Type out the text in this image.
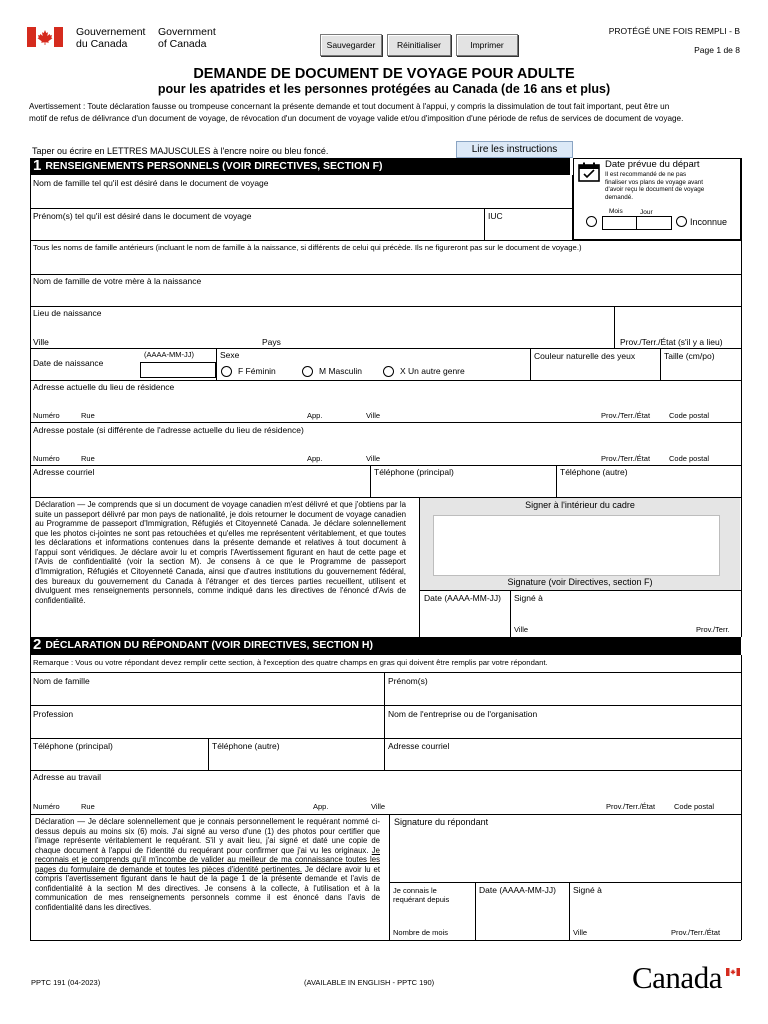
Gouvernement
du Canada
Government
of Canada	Sauvegarder	Réinitialiser	Imprimer
PROTÉGÉ UNE FOIS REMPLI - B
Page 1 de 8
DEMANDE DE DOCUMENT DE VOYAGE POUR ADULTE
pour les apatrides et les personnes protégées au Canada (de 16 ans et plus)
Avertissement : Toute déclaration fausse ou trompeuse concernant la présente demande et tout document à l'appui, y compris la dissimulation de tout fait important, peut être un
motif de refus de délivrance d'un document de voyage, de révocation d'un document de voyage valide et/ou d'imposition d'une période de refus de services de document de voyage.
Taper ou écrire en LETTRES MAJUSCULES à l'encre noire ou bleu foncé.	Lire les instructions
1 RENSEIGNEMENTS PERSONNELS (VOIR DIRECTIVES, SECTION F)	Date prévue du départ
Il est recommandé de ne pas
finaliser vos plans de voyage avant
d'avoir reçu le document de voyage
demandé.
Mois	Jour
Inconnue
Nom de famille tel qu'il est désiré dans le document de voyage
Prénom(s) tel qu'il est désiré dans le document de voyage	IUC
Tous les noms de famille antérieurs (incluant le nom de famille à la naissance, si différents de celui qui précède. Ils ne figureront pas sur le document de voyage.)
Nom de famille de votre mère à la naissance
Lieu de naissance
Ville	Pays	Prov./Terr./État (s'il y a lieu)
Date de naissance
(AAAA-MM-JJ)	Sexe
F Féminin	M Masculin	X Un autre genre
Couleur naturelle des yeux	Taille (cm/po)
Adresse actuelle du lieu de résidence
Numéro	Rue	App.	Ville	Prov./Terr./État	Code postal
Adresse postale (si différente de l'adresse actuelle du lieu de résidence)
Numéro	Rue	App.	Ville	Prov./Terr./État	Code postal
Adresse courriel	Téléphone (principal)	Téléphone (autre)
Déclaration — Je comprends que si un document de voyage canadien m'est délivré et que j'obtiens par la suite un passeport délivré par mon pays de nationalité, je dois retourner le document de voyage canadien au Programme de passeport d'Immigration, Réfugiés et Citoyenneté Canada. Je déclare solennellement que les photos ci-jointes ne sont pas retouchées et qu'elles me représentent véritablement, et que toutes les déclarations et informations contenues dans la présente demande et relatives à tout document à l'appui sont véridiques. Je déclare avoir lu et compris l'Avertissement figurant en haut de cette page et l'Avis de confidentialité (voir la section M). Je consens à ce que le Programme de passeport d'Immigration, Réfugiés et Citoyenneté Canada, ainsi que d'autres institutions du gouvernement fédéral, des bureaux du gouvernement du Canada à l'étranger et des tierces parties recueillent, utilisent et divulguent mes renseignements personnels, comme indiqué dans les directives de l'énoncé d'Avis de confidentialité.
Signer à l'intérieur du cadre
Signature (voir Directives, section F)
Date (AAAA-MM-JJ) Signé à
Ville	Prov./Terr.
2 DÉCLARATION DU RÉPONDANT (VOIR DIRECTIVES, SECTION H)
Remarque : Vous ou votre répondant devez remplir cette section, à l'exception des quatre champs en gras qui doivent être remplis par votre répondant.
Nom de famille	Prénom(s)
Profession	Nom de l'entreprise ou de l'organisation
Téléphone (principal)	Téléphone (autre)	Adresse courriel
Adresse au travail
Numéro	Rue	App.	Ville	Prov./Terr./État	Code postal
Déclaration — Je déclare solennellement que je connais personnellement le requérant nommé ci-dessus depuis au moins six (6) mois. J'ai signé au verso d'une (1) des photos pour certifier que l'image représente véritablement le requérant. S'il y avait lieu, j'ai signé et daté une copie de chaque document à l'appui de l'identité du requérant pour confirmer que j'ai vu les originaux. Je reconnais et je comprends qu'il m'incombe de valider au meilleur de ma connaissance toutes les pages du formulaire de demande et toutes les pièces d'identité pertinentes. Je déclare avoir lu et compris l'avertissement figurant dans le haut de la page 1 de la présente demande et l'avis de confidentialité à la section M des directives. Je consens à la collecte, à l'utilisation et à la communication de mes renseignements personnels comme il est énoncé dans l'avis de confidentialité dans les directives.
Signature du répondant
Je connais le
requérant depuis
Nombre de mois
Date (AAAA-MM-JJ) Signé à
Ville	Prov./Terr./État
PPTC 191 (04-2023)	(AVAILABLE IN ENGLISH - PPTC 190)	Canada
